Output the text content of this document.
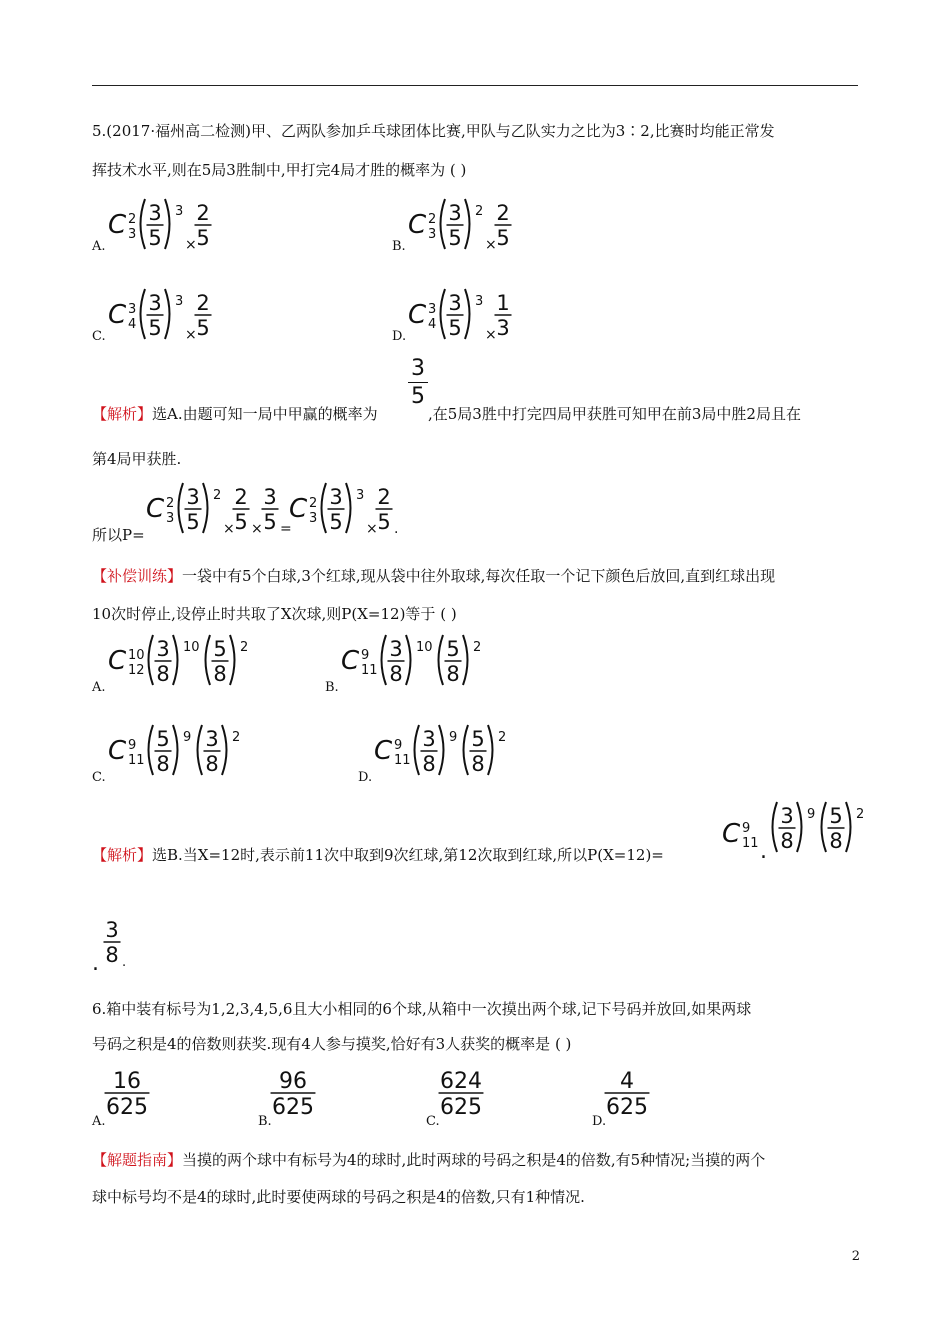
5.(2017·福州高二检测)甲、乙两队参加乒乓球团体比赛,甲队与乙队实力之比为3∶2,比赛时均能正常发
挥技术水平,则在5局3胜制中,甲打完4局才胜的概率为 ( )
A.
C 2
3
3
5
3
×
2
5	B.
C 2
3
3
5
2
×
2
5
C.
C 3
4
3
5
3
×
2
5	D.
C 3
4
3
5
3
×
1
3
C 2
3
3
5
2
×
2
5 ×
3
5 =
C 2
3
3
5
3
×
2
5 .
A.
C 10
12
3
8
10 5
8
2
B.
C 9
11
3
8
10 5
8
2
C.
C 9
11
5
8
9 3
8
2
D.
C 9
11
3
8
9 5
8
2
C 9
11 .
3
8
9 5
8
2
.
3
8 .
A.
16
625
B.
96
625
C.
624
625
D.
4
625
【解析】选A.由题可知一局中甲赢的概率为
3
5
,在5局3胜中打完四局甲获胜可知甲在前3局中胜2局且在
第4局甲获胜.
所以P=
【补偿训练】一袋中有5个白球,3个红球,现从袋中往外取球,每次任取一个记下颜色后放回,直到红球出现
10次时停止,设停止时共取了X次球,则P(X=12)等于 ( )
【解析】选B.当X=12时,表示前11次中取到9次红球,第12次取到红球,所以P(X=12)=
6.箱中装有标号为1,2,3,4,5,6且大小相同的6个球,从箱中一次摸出两个球,记下号码并放回,如果两球
号码之积是4的倍数则获奖.现有4人参与摸奖,恰好有3人获奖的概率是 ( )
【解题指南】当摸的两个球中有标号为4的球时,此时两球的号码之积是4的倍数,有5种情况;当摸的两个
球中标号均不是4的球时,此时要使两球的号码之积是4的倍数,只有1种情况.
2
